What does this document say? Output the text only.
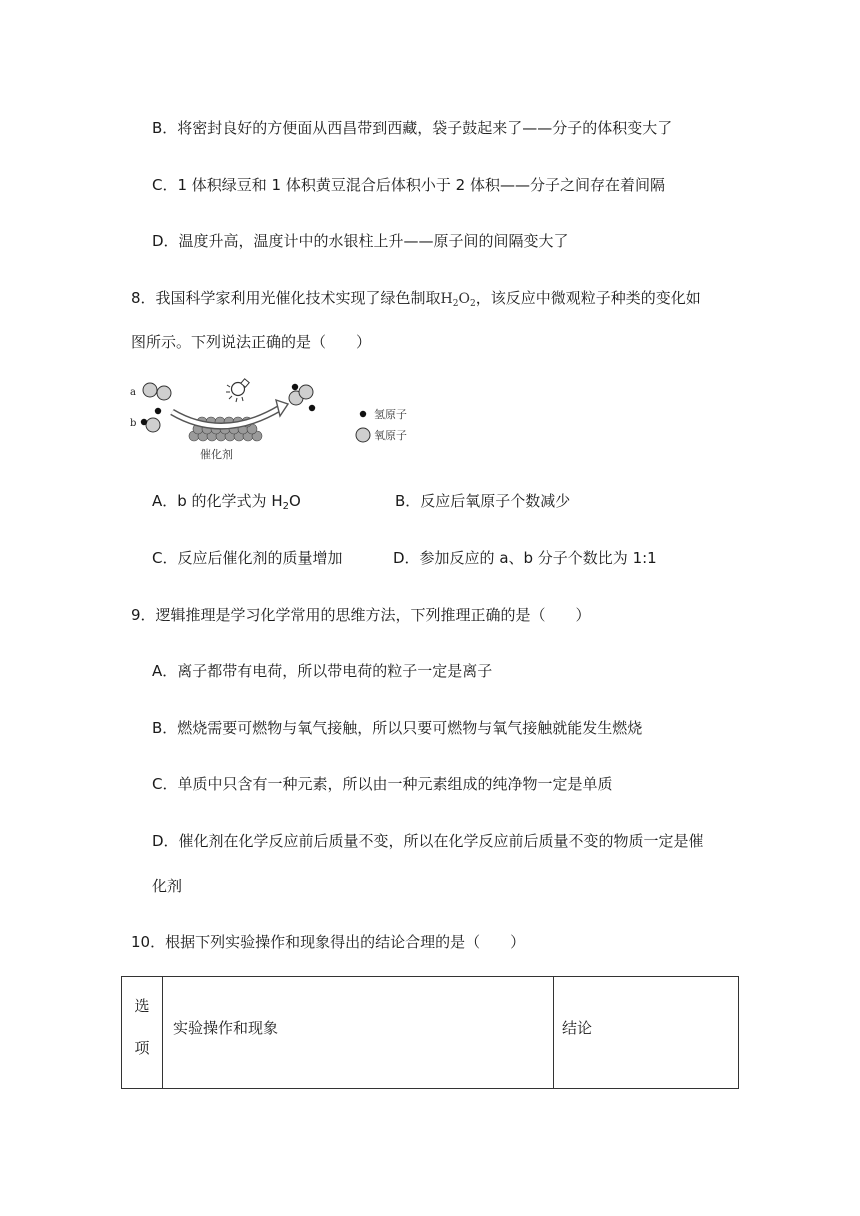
B．将密封良好的方便面从西昌带到西藏，袋子鼓起来了——分子的体积变大了
C．1 体积绿豆和 1 体积黄豆混合后体积小于 2 体积——分子之间存在着间隔
D．温度升高，温度计中的水银柱上升——原子间的间隔变大了
8．我国科学家利用光催化技术实现了绿色制取$H_2O_2$，该反应中微观粒子种类的变化如
图所示。下列说法正确的是（　　）
a
b
催化剂
氢原子
氧原子
A．b 的化学式为 $H_2O$	B．反应后氧原子个数减少
C．反应后催化剂的质量增加	D．参加反应的 a、b 分子个数比为 1:1
9．逻辑推理是学习化学常用的思维方法，下列推理正确的是（　　）
A．离子都带有电荷，所以带电荷的粒子一定是离子
B．燃烧需要可燃物与氧气接触，所以只要可燃物与氧气接触就能发生燃烧
C．单质中只含有一种元素，所以由一种元素组成的纯净物一定是单质
D．催化剂在化学反应前后质量不变，所以在化学反应前后质量不变的物质一定是催
化剂
10．根据下列实验操作和现象得出的结论合理的是（　　）
选
项
	实验操作和现象	结论
